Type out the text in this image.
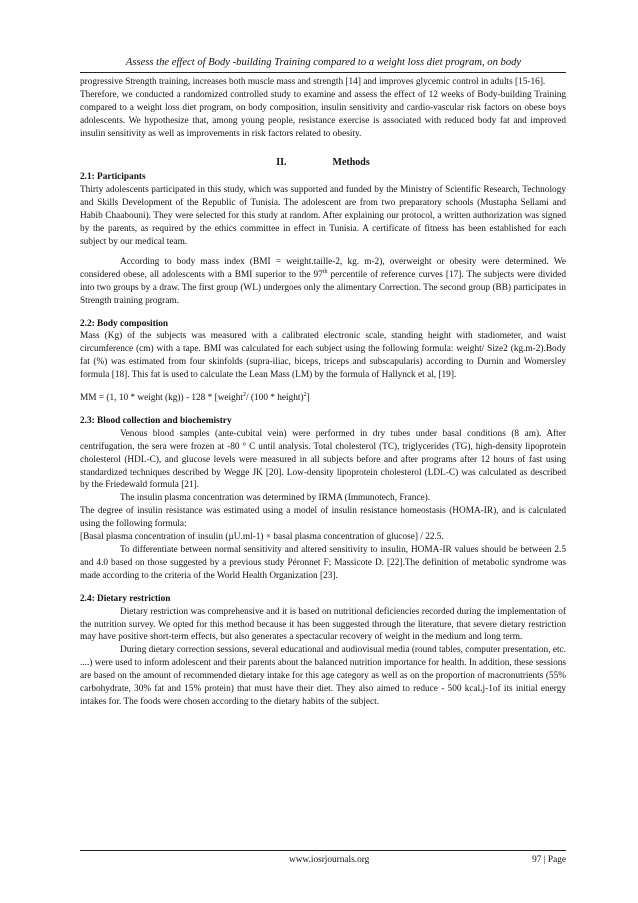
Assess the effect of Body -building Training compared to a weight loss diet program, on body

progressive Strength training, increases both muscle mass and strength [14] and improves glycemic control in adults [15-16].

Therefore, we conducted a randomized controlled study to examine and assess the effect of 12 weeks of Body-building Training compared to a weight loss diet program, on body composition, insulin sensitivity and cardio-vascular risk factors on obese boys adolescents. We hypothesize that, among young people, resistance exercise is associated with reduced body fat and improved insulin sensitivity as well as improvements in risk factors related to obesity.

II.	Methods

2.1: Participants

Thirty adolescents participated in this study, which was supported and funded by the Ministry of Scientific Research, Technology and Skills Development of the Republic of Tunisia. The adolescent are from two preparatory schools (Mustapha Sellami and Habib Chaabouni). They were selected for this study at random. After explaining our protocol, a written authorization was signed by the parents, as required by the ethics committee in effect in Tunisia. A certificate of fitness has been established for each subject by our medical team.

According to body mass index (BMI = weight.taille-2, kg. m-2), overweight or obesity were determined. We considered obese, all adolescents with a BMI superior to the 97th percentile of reference curves [17]. The subjects were divided into two groups by a draw. The first group (WL) undergoes only the alimentary Correction. The second group (BB) participates in Strength training program.

2.2: Body composition

Mass (Kg) of the subjects was measured with a calibrated electronic scale, standing height with stadiometer, and waist circumference (cm) with a tape. BMI was calculated for each subject using the following formula: weight/ Size2 (kg.m-2).Body fat (%) was estimated from four skinfolds (supra-iliac, biceps, triceps and subscapularis) according to Durnin and Womersley formula [18]. This fat is used to calculate the Lean Mass (LM) by the formula of Hallynck et al, [19].

MM = (1, 10 * weight (kg)) - 128 * [weight$^2$/ (100 * height)$^2$]

2.3: Blood collection and biochemistry

Venous blood samples (ante-cubital vein) were performed in dry tubes under basal conditions (8 am). After centrifugation, the sera were frozen at -80 ° C until analysis. Total cholesterol (TC), triglycerides (TG), high-density lipoprotein cholesterol (HDL-C), and glucose levels were measured in all subjects before and after programs after 12 hours of fast using standardized techniques described by Wegge JK [20]. Low-density lipoprotein cholesterol (LDL-C) was calculated as described by the Friedewald formula [21].

The insulin plasma concentration was determined by IRMA (Immunotech, France).

The degree of insulin resistance was estimated using a model of insulin resistance homeostasis (HOMA-IR), and is calculated using the following formula:

[Basal plasma concentration of insulin (µU.ml-1) × basal plasma concentration of glucose] / 22.5.

To differentiate between normal sensitivity and altered sensitivity to insulin, HOMA-IR values should be between 2.5 and 4.0 based on those suggested by a previous study Péronnet F; Massicote D. [22].The definition of metabolic syndrome was made according to the criteria of the World Health Organization [23].

2.4: Dietary restriction

Dietary restriction was comprehensive and it is based on nutritional deficiencies recorded during the implementation of the nutrition survey. We opted for this method because it has been suggested through the literature, that severe dietary restriction may have positive short-term effects, but also generates a spectacular recovery of weight in the medium and long term.

During dietary correction sessions, several educational and audiovisual media (round tables, computer presentation, etc. ....) were used to inform adolescent and their parents about the balanced nutrition importance for health. In addition, these sessions are based on the amount of recommended dietary intake for this age category as well as on the proportion of macronutrients (55% carbohydrate, 30% fat and 15% protein) that must have their diet. They also aimed to reduce - 500 kcal.j-1of its initial energy intakes for. The foods were chosen according to the dietary habits of the subject.

www.iosrjournals.org	97 | Page
